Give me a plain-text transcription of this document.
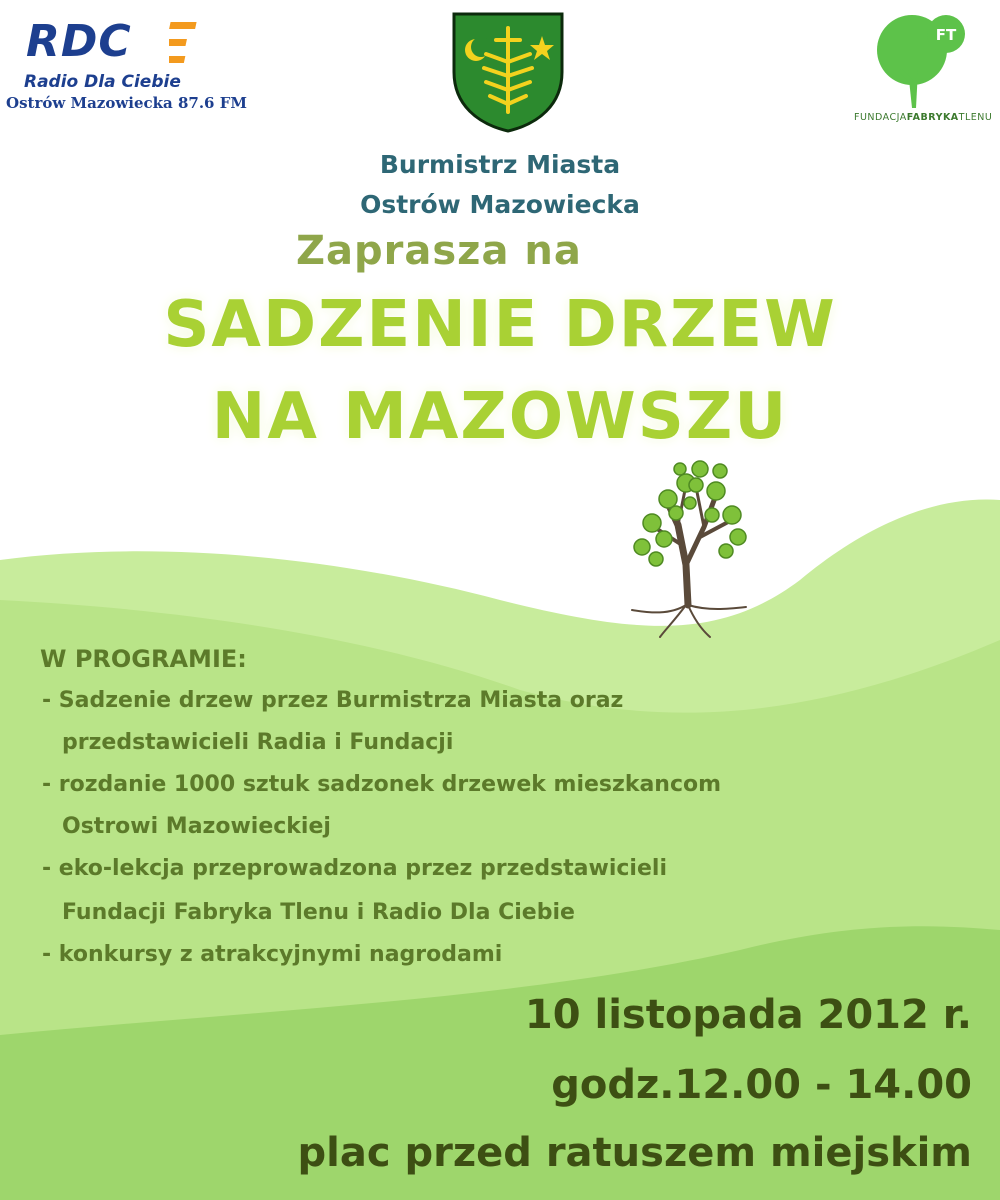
RDC
Radio Dla Ciebie
Ostrów Mazowiecka 87.6 FM
FT
FUNDACJAFABRYKATLENU
Burmistrz Miasta
Ostrów Mazowiecka
Zaprasza na
SADZENIE DRZEW
NA MAZOWSZU
W PROGRAMIE:
- Sadzenie drzew przez Burmistrza Miasta oraz
przedstawicieli Radia i Fundacji
- rozdanie 1000 sztuk sadzonek drzewek mieszkancom
Ostrowi Mazowieckiej
- eko-lekcja przeprowadzona przez przedstawicieli
Fundacji Fabryka Tlenu i Radio Dla Ciebie
- konkursy z atrakcyjnymi nagrodami
10 listopada 2012 r.
godz.12.00 - 14.00
plac przed ratuszem miejskim
